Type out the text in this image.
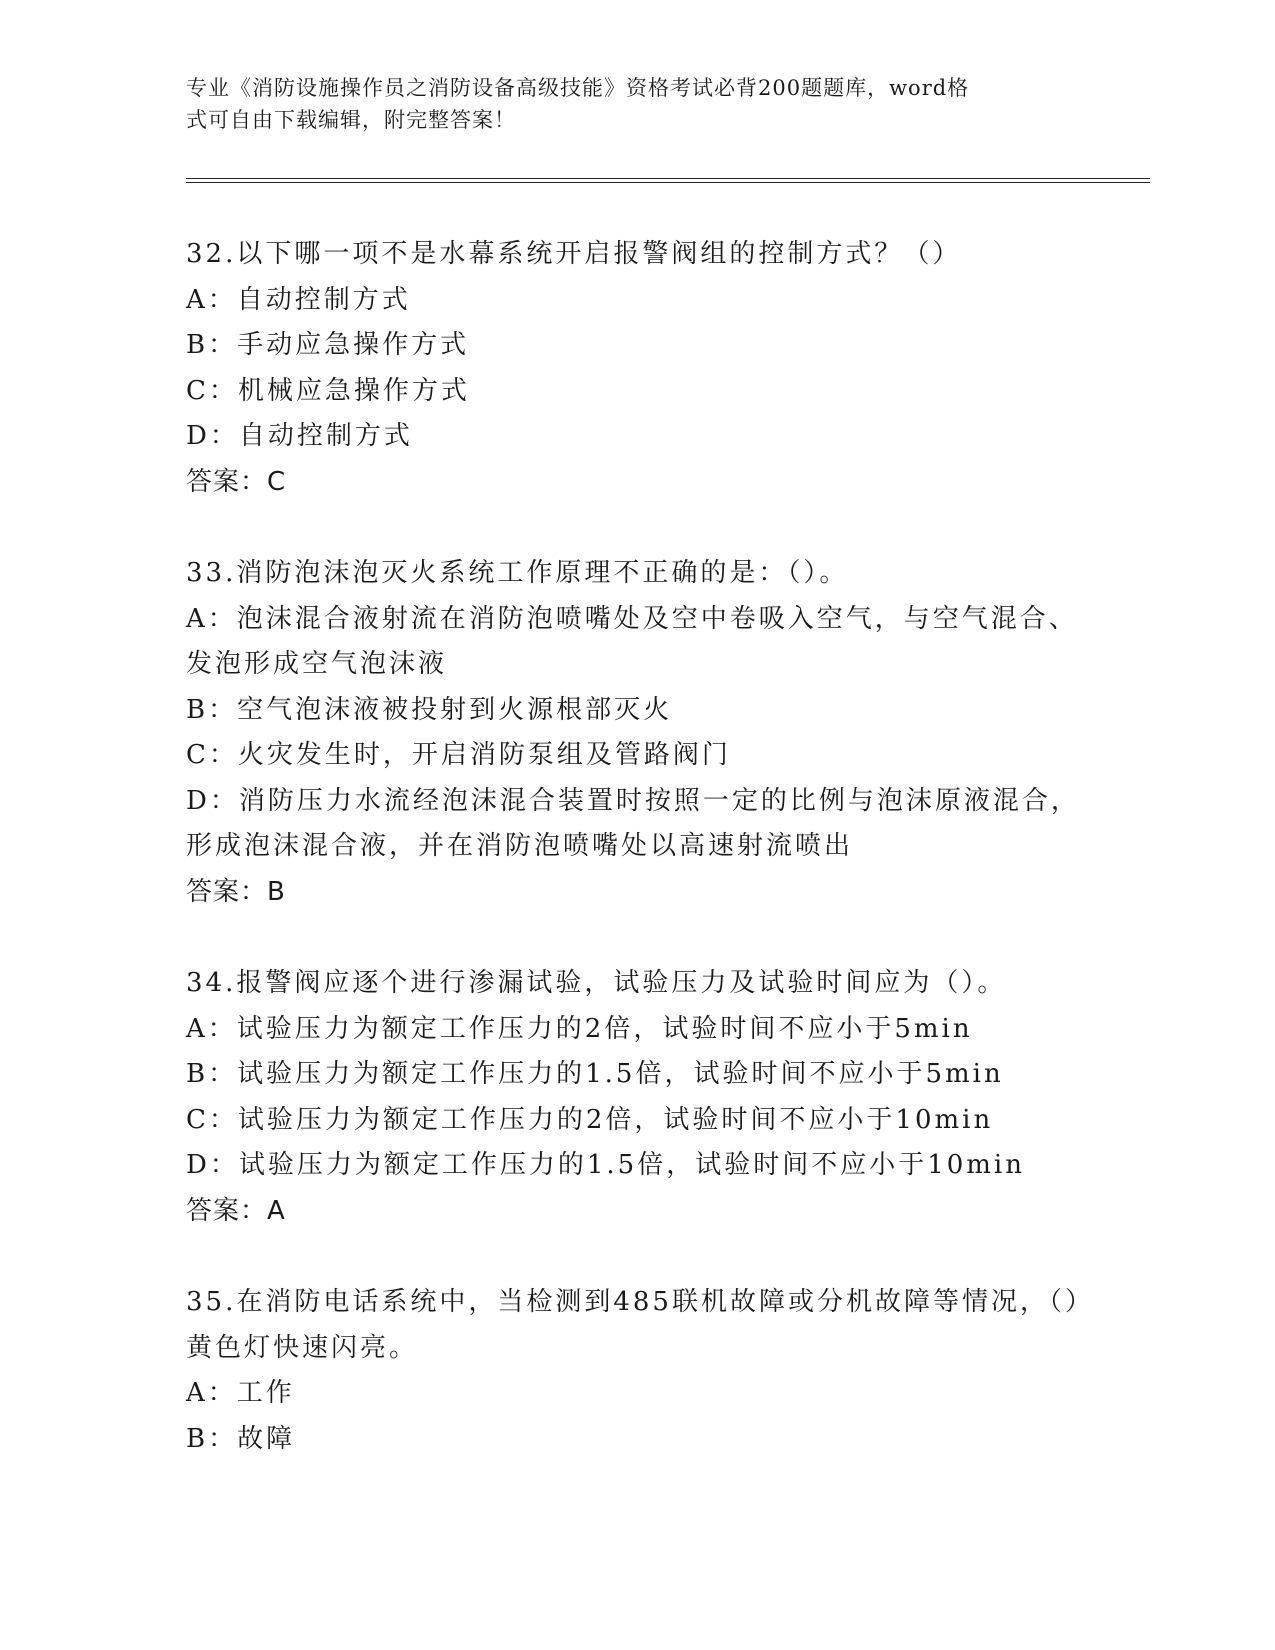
专业《消防设施操作员之消防设备高级技能》资格考试必背200题题库，word格
式可自由下载编辑，附完整答案！

32.以下哪一项不是水幕系统开启报警阀组的控制方式？（）

A：自动控制方式

B：手动应急操作方式

C：机械应急操作方式

D：自动控制方式

答案：C

33.消防泡沫泡灭火系统工作原理不正确的是：（）。

A：泡沫混合液射流在消防泡喷嘴处及空中卷吸入空气，与空气混合、发泡形成空气泡沫液

B：空气泡沫液被投射到火源根部灭火

C：火灾发生时，开启消防泵组及管路阀门

D：消防压力水流经泡沫混合装置时按照一定的比例与泡沫原液混合，形成泡沫混合液，并在消防泡喷嘴处以高速射流喷出

答案：B

34.报警阀应逐个进行渗漏试验，试验压力及试验时间应为（）。

A：试验压力为额定工作压力的2倍，试验时间不应小于5min

B：试验压力为额定工作压力的1.5倍，试验时间不应小于5min

C：试验压力为额定工作压力的2倍，试验时间不应小于10min

D：试验压力为额定工作压力的1.5倍，试验时间不应小于10min

答案：A

35.在消防电话系统中，当检测到485联机故障或分机故障等情况，（）黄色灯快速闪亮。

A：工作

B：故障
